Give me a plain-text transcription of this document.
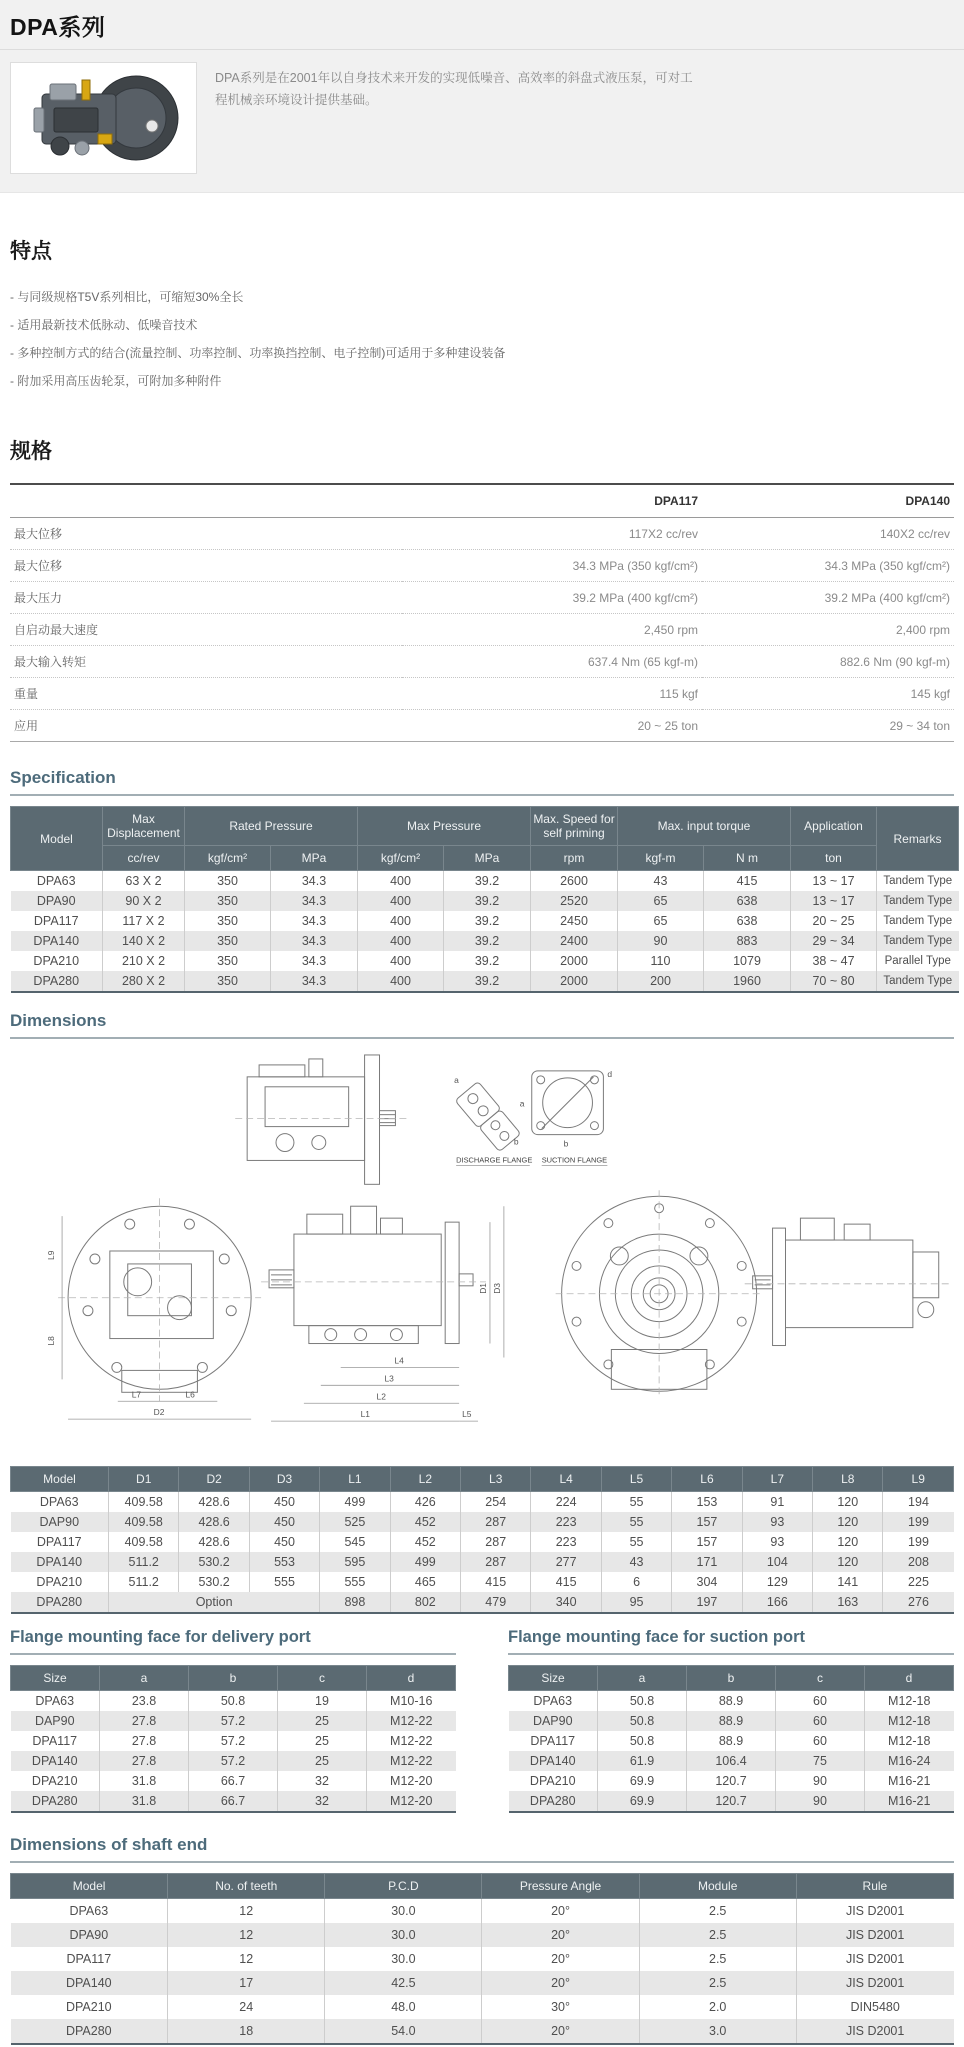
DPA系列
DPA系列是在2001年以自身技术来开发的实现低噪音、高效率的斜盘式液压泵，可对工程机械亲环境设计提供基础。
特点
- 与同级规格T5V系列相比，可缩短30%全长
- 适用最新技术低脉动、低噪音技术
- 多种控制方式的结合(流量控制、功率控制、功率换挡控制、电子控制)可适用于多种建设装备
- 附加采用高压齿轮泵，可附加多种附件
规格
	DPA117	DPA140
最大位移	117X2 cc/rev	140X2 cc/rev
最大位移	34.3 MPa (350 kgf/cm²)	34.3 MPa (350 kgf/cm²)
最大压力	39.2 MPa (400 kgf/cm²)	39.2 MPa (400 kgf/cm²)
自启动最大速度	2,450 rpm	2,400 rpm
最大输入转矩	637.4 Nm (65 kgf-m)	882.6 Nm (90 kgf-m)
重量	115 kgf	145 kgf
应用	20 ~ 25 ton	29 ~ 34 ton
Specification
Model	Max Displacement	Rated Pressure		Max Pressure		Max. Speed for self priming	Max. input torque		Application	Remarks
	cc/rev	kgf/cm²	MPa	kgf/cm²	MPa	rpm	kgf-m	N m	ton	
DPA63	63 X 2	350	34.3	400	39.2	2600	43	415	13 ~ 17	Tandem Type
DPA90	90 X 2	350	34.3	400	39.2	2520	65	638	13 ~ 17	Tandem Type
DPA117	117 X 2	350	34.3	400	39.2	2450	65	638	20 ~ 25	Tandem Type
DPA140	140 X 2	350	34.3	400	39.2	2400	90	883	29 ~ 34	Tandem Type
DPA210	210 X 2	350	34.3	400	39.2	2000	110	1079	38 ~ 47	Parallel Type
DPA280	280 X 2	350	34.3	400	39.2	2000	200	1960	70 ~ 80	Tandem Type
Dimensions
a
b
d
b
a
DISCHARGE FLANGE SUCTION FLANGE
L9
L8
L7	L6
D2
L4
L3
L2
L1	L5
D1 D3
Model	D1	D2	D3	L1	L2	L3	L4	L5	L6	L7	L8	L9
DPA63	409.58	428.6	450	499	426	254	224	55	153	91	120	194
DAP90	409.58	428.6	450	525	452	287	223	55	157	93	120	199
DPA117	409.58	428.6	450	545	452	287	223	55	157	93	120	199
DPA140	511.2	530.2	553	595	499	287	277	43	171	104	120	208
DPA210	511.2	530.2	555	555	465	415	415	6	304	129	141	225
DPA280	Option			898	802	479	340	95	197	166	163	276
Flange mounting face for delivery port
Size	a	b	c	d
DPA63	23.8	50.8	19	M10-16
DAP90	27.8	57.2	25	M12-22
DPA117	27.8	57.2	25	M12-22
DPA140	27.8	57.2	25	M12-22
DPA210	31.8	66.7	32	M12-20
DPA280	31.8	66.7	32	M12-20
Flange mounting face for suction port
Size	a	b	c	d
DPA63	50.8	88.9	60	M12-18
DAP90	50.8	88.9	60	M12-18
DPA117	50.8	88.9	60	M12-18
DPA140	61.9	106.4	75	M16-24
DPA210	69.9	120.7	90	M16-21
DPA280	69.9	120.7	90	M16-21
Dimensions of shaft end
Model	No. of teeth	P.C.D	Pressure Angle	Module	Rule
DPA63	12	30.0	20°	2.5	JIS D2001
DPA90	12	30.0	20°	2.5	JIS D2001
DPA117	12	30.0	20°	2.5	JIS D2001
DPA140	17	42.5	20°	2.5	JIS D2001
DPA210	24	48.0	30°	2.0	DIN5480
DPA280	18	54.0	20°	3.0	JIS D2001
